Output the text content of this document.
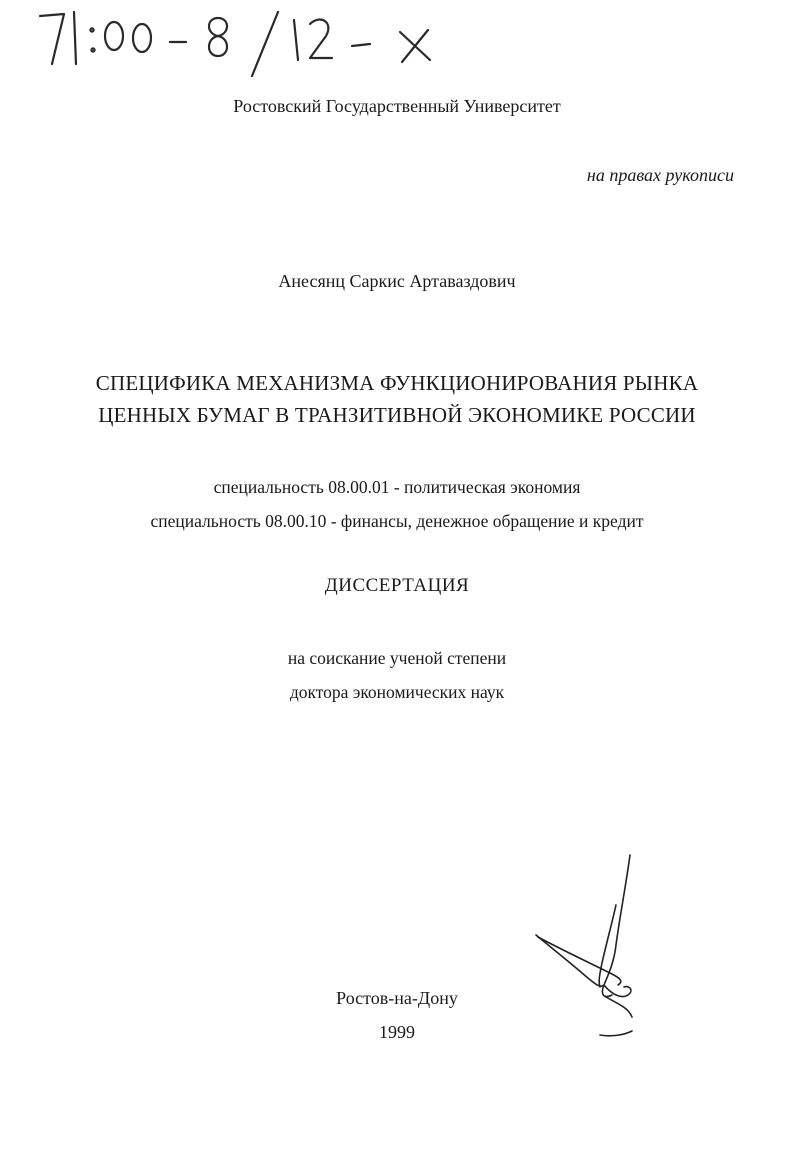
Ростовский Государственный Университет
на правах рукописи
Анесянц Саркис Артаваздович
СПЕЦИФИКА МЕХАНИЗМА ФУНКЦИОНИРОВАНИЯ РЫНКА
ЦЕННЫХ БУМАГ В ТРАНЗИТИВНОЙ ЭКОНОМИКЕ РОССИИ
специальность 08.00.01 - политическая экономия
специальность 08.00.10 - финансы, денежное обращение и кредит
ДИССЕРТАЦИЯ
на соискание ученой степени
доктора экономических наук
Ростов-на-Дону
1999
